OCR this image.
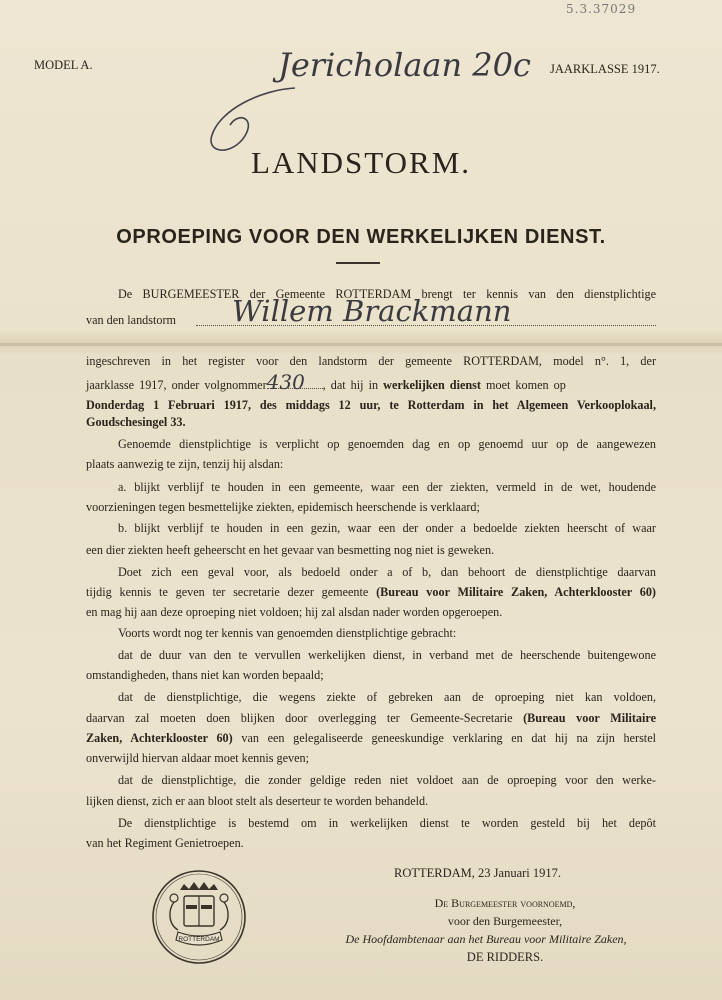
5.3.37029
MODEL A.	JAARKLASSE 1917.
Jericholaan 20c
LANDSTORM.
OPROEPING VOOR DEN WERKELIJKEN DIENST.
De BURGEMEESTER der Gemeente ROTTERDAM brengt ter kennis van den dienstplichtige
van den landstorm	Willem Brackmann
ingeschreven in het register voor den landstorm der gemeente ROTTERDAM, model n°. 1, der
jaarklasse 1917, onder volgnommer430 , dat hij in werkelijken dienst moet komen op
Donderdag 1 Februari 1917, des middags 12 uur, te Rotterdam in het Algemeen Verkooplokaal,
Goudschesingel 33.
Genoemde dienstplichtige is verplicht op genoemden dag en op genoemd uur op de aangewezen
plaats aanwezig te zijn, tenzij hij alsdan:
a. blijkt verblijf te houden in een gemeente, waar een der ziekten, vermeld in de wet, houdende
voorzieningen tegen besmettelijke ziekten, epidemisch heerschende is verklaard;
b. blijkt verblijf te houden in een gezin, waar een der onder a bedoelde ziekten heerscht of waar
een dier ziekten heeft geheerscht en het gevaar van besmetting nog niet is geweken.
Doet zich een geval voor, als bedoeld onder a of b, dan behoort de dienstplichtige daarvan
tijdig kennis te geven ter secretarie dezer gemeente (Bureau voor Militaire Zaken, Achterklooster 60)
en mag hij aan deze oproeping niet voldoen; hij zal alsdan nader worden opgeroepen.
Voorts wordt nog ter kennis van genoemden dienstplichtige gebracht:
dat de duur van den te vervullen werkelijken dienst, in verband met de heerschende buitengewone
omstandigheden, thans niet kan worden bepaald;
dat de dienstplichtige, die wegens ziekte of gebreken aan de oproeping niet kan voldoen,
daarvan zal moeten doen blijken door overlegging ter Gemeente-Secretarie (Bureau voor Militaire
Zaken, Achterklooster 60) van een gelegaliseerde geneeskundige verklaring en dat hij na zijn herstel
onverwijld hiervan aldaar moet kennis geven;
dat de dienstplichtige, die zonder geldige reden niet voldoet aan de oproeping voor den werke-
lijken dienst, zich er aan bloot stelt als deserteur te worden behandeld.
De dienstplichtige is bestemd om in werkelijken dienst te worden gesteld bij het depôt
van het Regiment Genietroepen.
ROTTERDAM, 23 Januari 1917.
De Burgemeester voornoemd,
voor den Burgemeester,
De Hoofdambtenaar aan het Bureau voor Militaire Zaken,
DE RIDDERS.
ROTTERDAM
